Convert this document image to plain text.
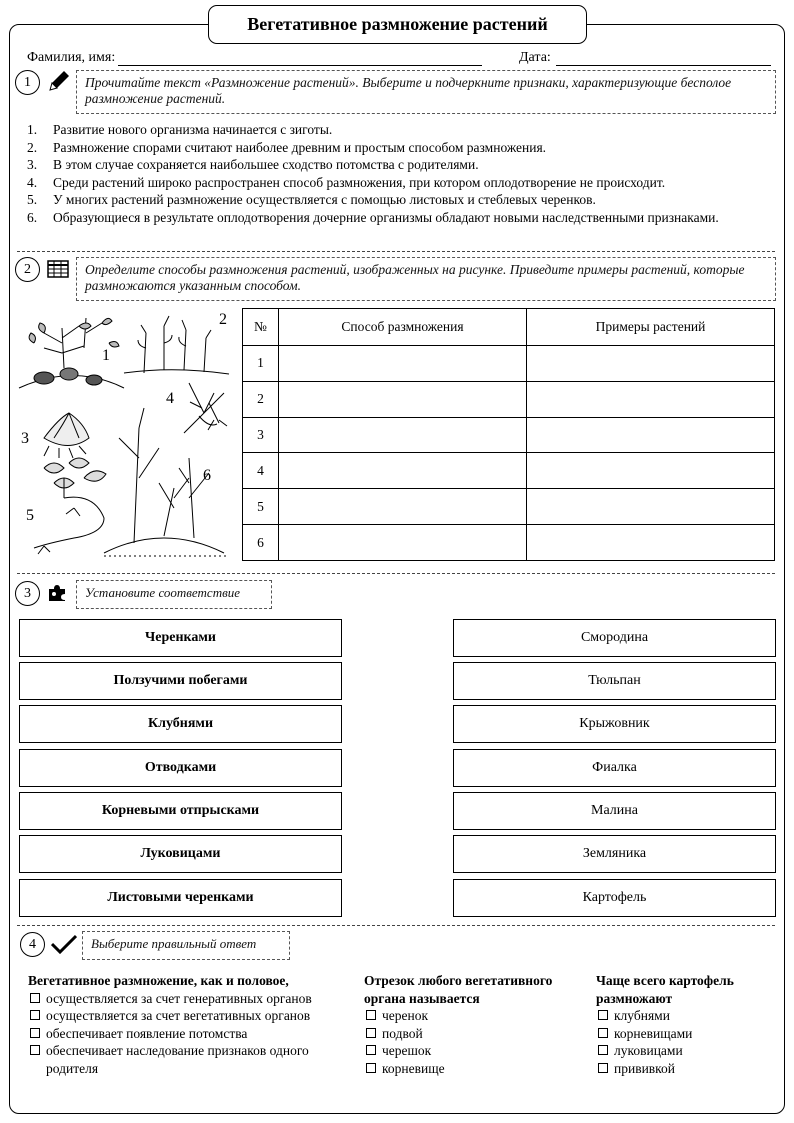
Вегетативное размножение растений
Фамилия, имя:	Дата:
1	Прочитайте текст «Размножение растений». Выберите и подчеркните признаки, характеризующие бесполое размножение растений.
1.	Развитие нового организма начинается с зиготы.
2.	Размножение спорами считают наиболее древним и простым способом размножения.
3.	В этом случае сохраняется наибольшее сходство потомства с родителями.
4.	Среди растений широко распространен способ размножения, при котором оплодотворение не происходит.
5.	У многих растений размножение осуществляется с помощью листовых и стеблевых черенков.
6.	Образующиеся в результате оплодотворения дочерние организмы обладают новыми наследственными признаками.
2	Определите способы размножения растений, изображенных на рисунке. Приведите примеры растений, которые размножаются указанным способом.
1
2
3
4
5
6
№	Способ размножения	Примеры растений
1		
2		
3		
4		
5		
6		
3	Установите соответствие
Черенками
Ползучими побегами
Клубнями
Отводками
Корневыми отпрысками
Луковицами
Листовыми черенками
Смородина
Тюльпан
Крыжовник
Фиалка
Малина
Земляника
Картофель
4	Выберите правильный ответ
Вегетативное размножение, как и половое,
осуществляется за счет генеративных органов
осуществляется за счет вегетативных органов
обеспечивает появление потомства
обеспечивает наследование признаков одного родителя
Отрезок любого вегетативного органа называется
черенок
подвой
черешок
корневище
Чаще всего картофель размножают
клубнями
корневищами
луковицами
прививкой
